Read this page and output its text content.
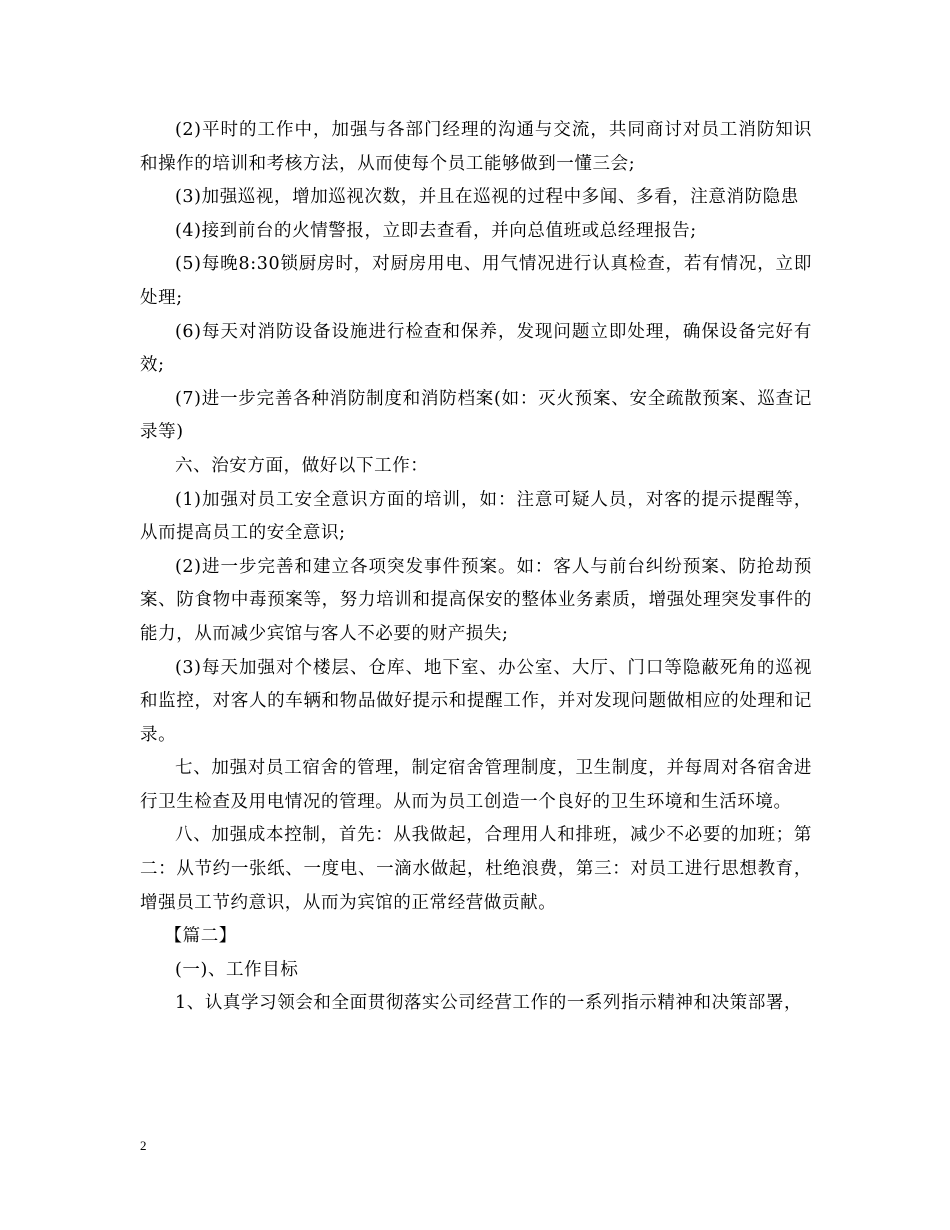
(2)平时的工作中，加强与各部门经理的沟通与交流，共同商讨对员工消防知识和操作的培训和考核方法，从而使每个员工能够做到一懂三会;

(3)加强巡视，增加巡视次数，并且在巡视的过程中多闻、多看，注意消防隐患

(4)接到前台的火情警报，立即去查看，并向总值班或总经理报告;

(5)每晚8:30锁厨房时，对厨房用电、用气情况进行认真检查，若有情况，立即处理;

(6)每天对消防设备设施进行检查和保养，发现问题立即处理，确保设备完好有效;

(7)进一步完善各种消防制度和消防档案(如：灭火预案、安全疏散预案、巡查记录等)

六、治安方面，做好以下工作：

(1)加强对员工安全意识方面的培训，如：注意可疑人员，对客的提示提醒等，从而提高员工的安全意识;

(2)进一步完善和建立各项突发事件预案。如：客人与前台纠纷预案、防抢劫预案、防食物中毒预案等，努力培训和提高保安的整体业务素质，增强处理突发事件的能力，从而减少宾馆与客人不必要的财产损失;

(3)每天加强对个楼层、仓库、地下室、办公室、大厅、门口等隐蔽死角的巡视和监控，对客人的车辆和物品做好提示和提醒工作，并对发现问题做相应的处理和记录。

七、加强对员工宿舍的管理，制定宿舍管理制度，卫生制度，并每周对各宿舍进行卫生检查及用电情况的管理。从而为员工创造一个良好的卫生环境和生活环境。

八、加强成本控制，首先：从我做起，合理用人和排班，减少不必要的加班；第二：从节约一张纸、一度电、一滴水做起，杜绝浪费，第三：对员工进行思想教育，增强员工节约意识，从而为宾馆的正常经营做贡献。

【篇二】

(一)、工作目标

1、认真学习领会和全面贯彻落实公司经营工作的一系列指示精神和决策部署，

2
